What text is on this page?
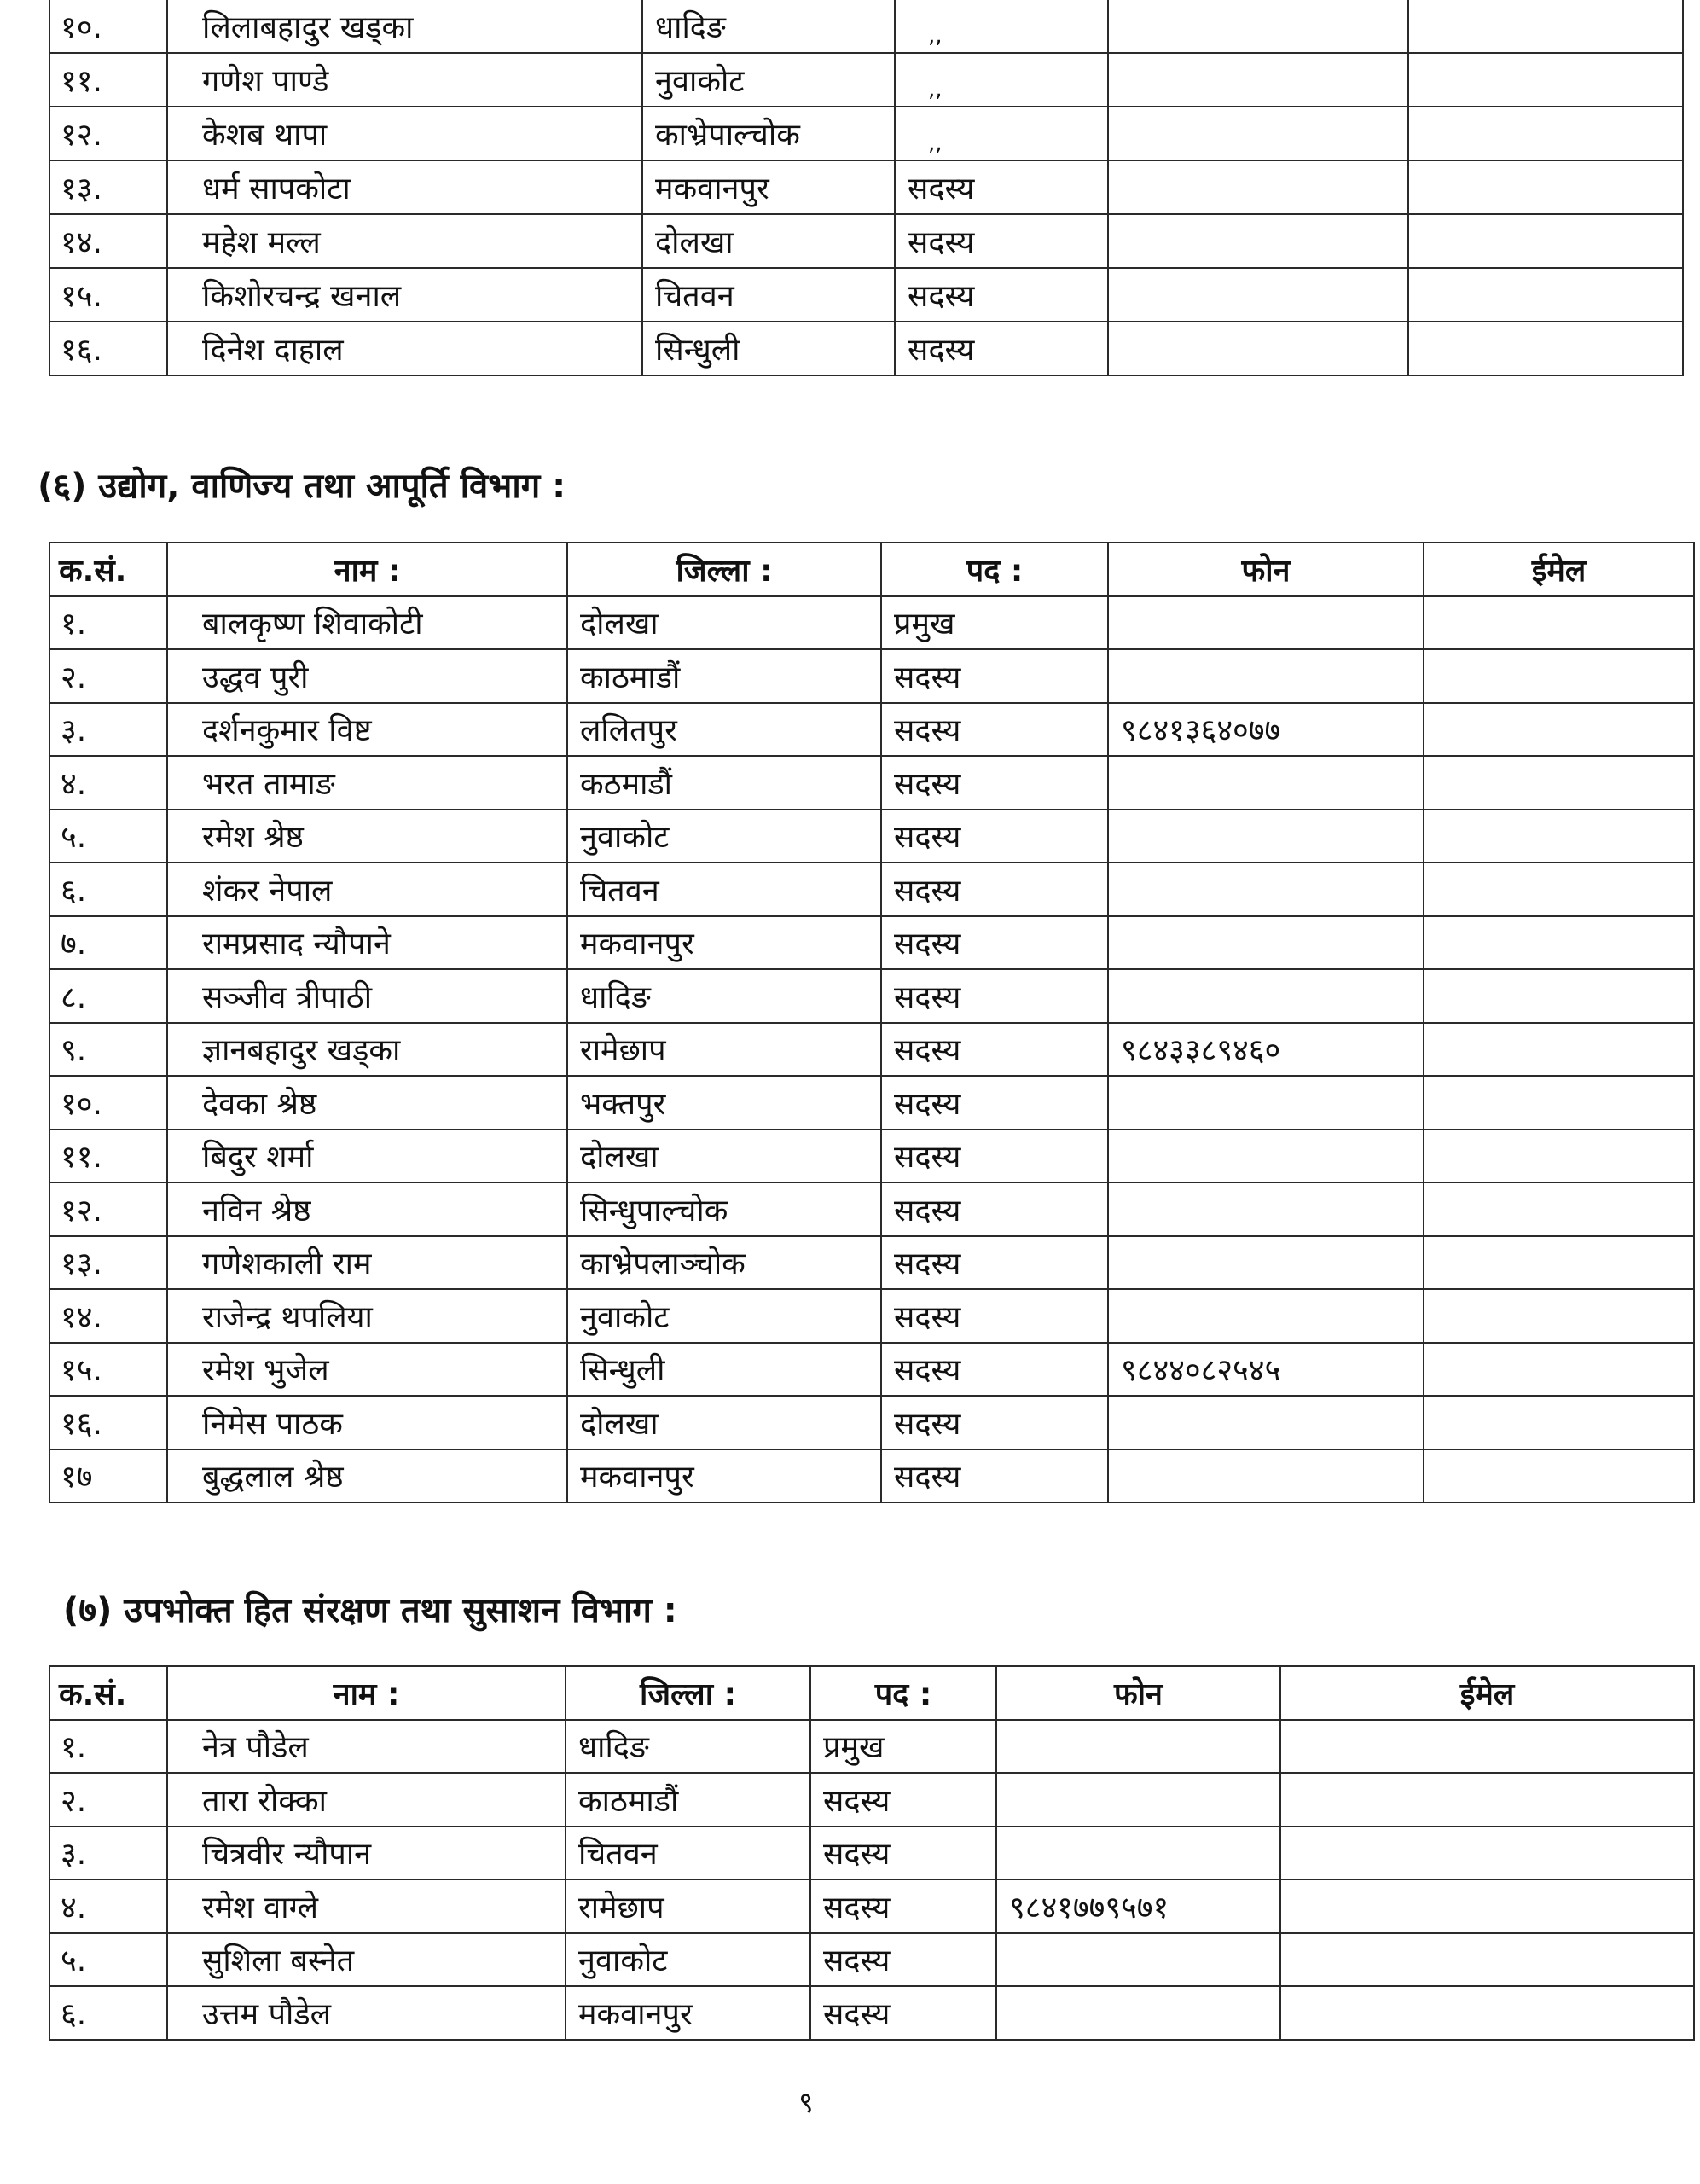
१०.	लिलाबहादुर खड्का	धादिङ	,,		
११.	गणेश पाण्डे	नुवाकोट	,,		
१२.	केशब थापा	काभ्रेपाल्चोक	,,		
१३.	धर्म सापकोटा	मकवानपुर	सदस्य		
१४.	महेश मल्ल	दोलखा	सदस्य		
१५.	किशोरचन्द्र खनाल	चितवन	सदस्य		
१६.	दिनेश दाहाल	सिन्धुली	सदस्य		
(६) उद्योग, वाणिज्य तथा आपूर्ति विभाग :
क.सं.	नाम :	जिल्ला :	पद :	फोन	ईमेल
१.	बालकृष्ण शिवाकोटी	दोलखा	प्रमुख		
२.	उद्धव पुरी	काठमाडौं	सदस्य		
३.	दर्शनकुमार विष्ट	ललितपुर	सदस्य	९८४१३६४०७७	
४.	भरत तामाङ	कठमाडौं	सदस्य		
५.	रमेश श्रेष्ठ	नुवाकोट	सदस्य		
६.	शंकर नेपाल	चितवन	सदस्य		
७.	रामप्रसाद न्यौपाने	मकवानपुर	सदस्य		
८.	सञ्जीव त्रीपाठी	धादिङ	सदस्य		
९.	ज्ञानबहादुर खड्का	रामेछाप	सदस्य	९८४३३८९४६०	
१०.	देवका श्रेष्ठ	भक्तपुर	सदस्य		
११.	बिदुर शर्मा	दोलखा	सदस्य		
१२.	नविन श्रेष्ठ	सिन्धुपाल्चोक	सदस्य		
१३.	गणेशकाली राम	काभ्रेपलाञ्चोक	सदस्य		
१४.	राजेन्द्र थपलिया	नुवाकोट	सदस्य		
१५.	रमेश भुजेल	सिन्धुली	सदस्य	९८४४०८२५४५	
१६.	निमेस पाठक	दोलखा	सदस्य		
१७	बुद्धलाल श्रेष्ठ	मकवानपुर	सदस्य		
(७) उपभोक्त हित संरक्षण तथा सुसाशन विभाग :
क.सं.	नाम :	जिल्ला :	पद :	फोन	ईमेल
१.	नेत्र पौडेल	धादिङ	प्रमुख		
२.	तारा रोक्का	काठमाडौं	सदस्य		
३.	चित्रवीर न्यौपान	चितवन	सदस्य		
४.	रमेश वाग्ले	रामेछाप	सदस्य	९८४१७७९५७१	
५.	सुशिला बस्नेत	नुवाकोट	सदस्य		
६.	उत्तम पौडेल	मकवानपुर	सदस्य		
९
